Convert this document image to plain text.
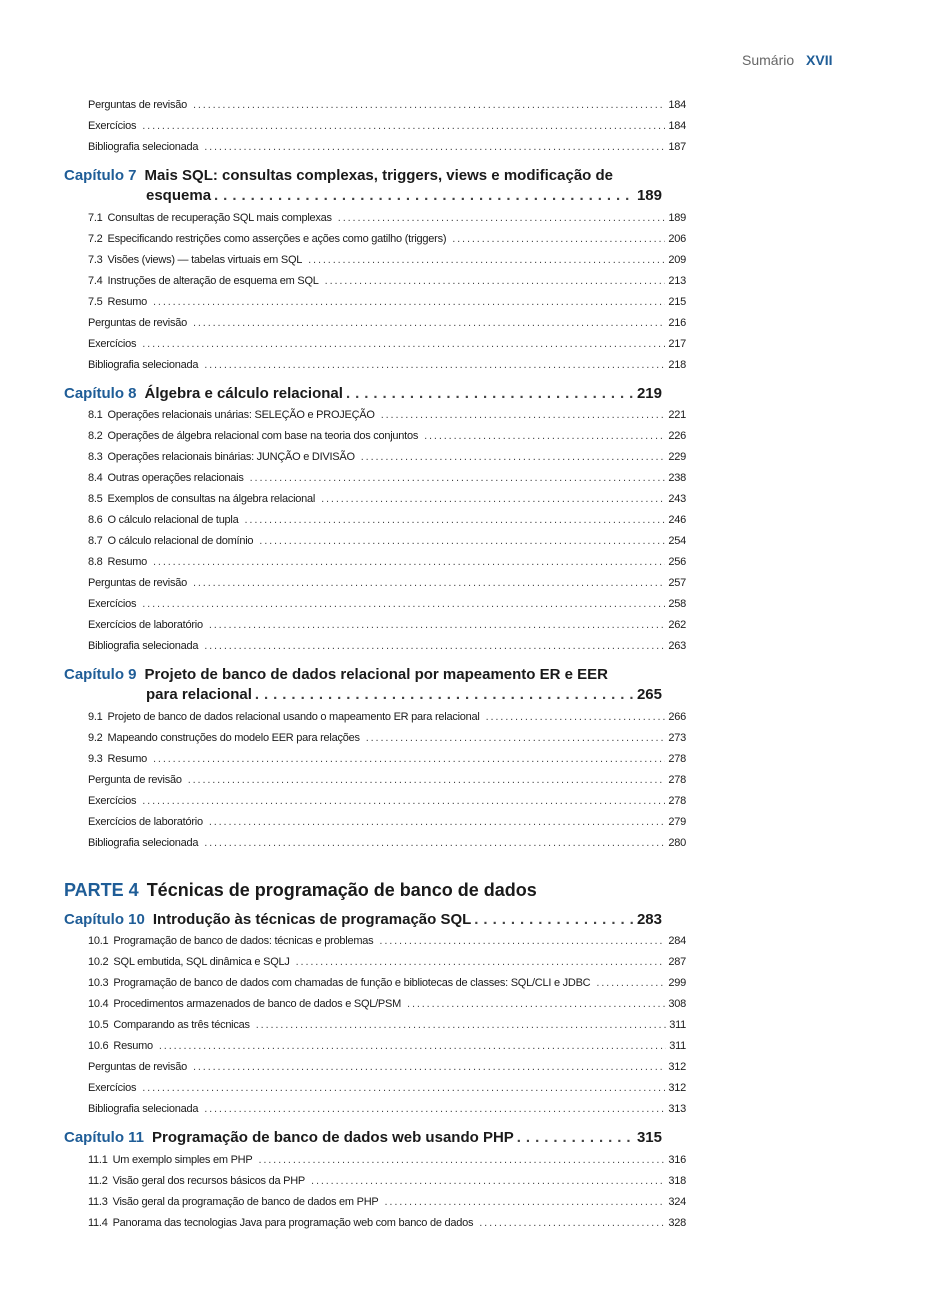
Sumário XVII
Perguntas de revisão . . .	184
Exercícios . . .	184
Bibliografia selecionada . . .	187
Capítulo 7 Mais SQL: consultas complexas, triggers, views e modificação de
esquema . . .	189
7.1 Consultas de recuperação SQL mais complexas . . .	189
7.2 Especificando restrições como asserções e ações como gatilho (triggers) . . .	206
7.3 Visões (views) — tabelas virtuais em SQL . . .	209
7.4 Instruções de alteração de esquema em SQL . . .	213
7.5 Resumo . . .	215
Perguntas de revisão . . .	216
Exercícios . . .	217
Bibliografia selecionada . . .	218
Capítulo 8 Álgebra e cálculo relacional . . .	219
8.1 Operações relacionais unárias: SELEÇÃO e PROJEÇÃO . . .	221
8.2 Operações de álgebra relacional com base na teoria dos conjuntos . . .	226
8.3 Operações relacionais binárias: JUNÇÃO e DIVISÃO . . .	229
8.4 Outras operações relacionais . . .	238
8.5 Exemplos de consultas na álgebra relacional . . .	243
8.6 O cálculo relacional de tupla . . .	246
8.7 O cálculo relacional de domínio . . .	254
8.8 Resumo . . .	256
Perguntas de revisão . . .	257
Exercícios . . .	258
Exercícios de laboratório . . .	262
Bibliografia selecionada . . .	263
Capítulo 9 Projeto de banco de dados relacional por mapeamento ER e EER
para relacional . . .	265
9.1 Projeto de banco de dados relacional usando o mapeamento ER para relacional . . .	266
9.2 Mapeando construções do modelo EER para relações . . .	273
9.3 Resumo . . .	278
Pergunta de revisão . . .	278
Exercícios . . .	278
Exercícios de laboratório . . .	279
Bibliografia selecionada . . .	280
PARTE 4 Técnicas de programação de banco de dados
Capítulo 10 Introdução às técnicas de programação SQL . . .	283
10.1 Programação de banco de dados: técnicas e problemas . . .	284
10.2 SQL embutida, SQL dinâmica e SQLJ . . .	287
10.3 Programação de banco de dados com chamadas de função e bibliotecas de classes: SQL/CLI e JDBC . . .	299
10.4 Procedimentos armazenados de banco de dados e SQL/PSM . . .	308
10.5 Comparando as três técnicas . . .	311
10.6 Resumo . . .	311
Perguntas de revisão . . .	312
Exercícios . . .	312
Bibliografia selecionada . . .	313
Capítulo 11 Programação de banco de dados web usando PHP . . .	315
11.1 Um exemplo simples em PHP . . .	316
11.2 Visão geral dos recursos básicos da PHP . . .	318
11.3 Visão geral da programação de banco de dados em PHP . . .	324
11.4 Panorama das tecnologias Java para programação web com banco de dados . . .	328
